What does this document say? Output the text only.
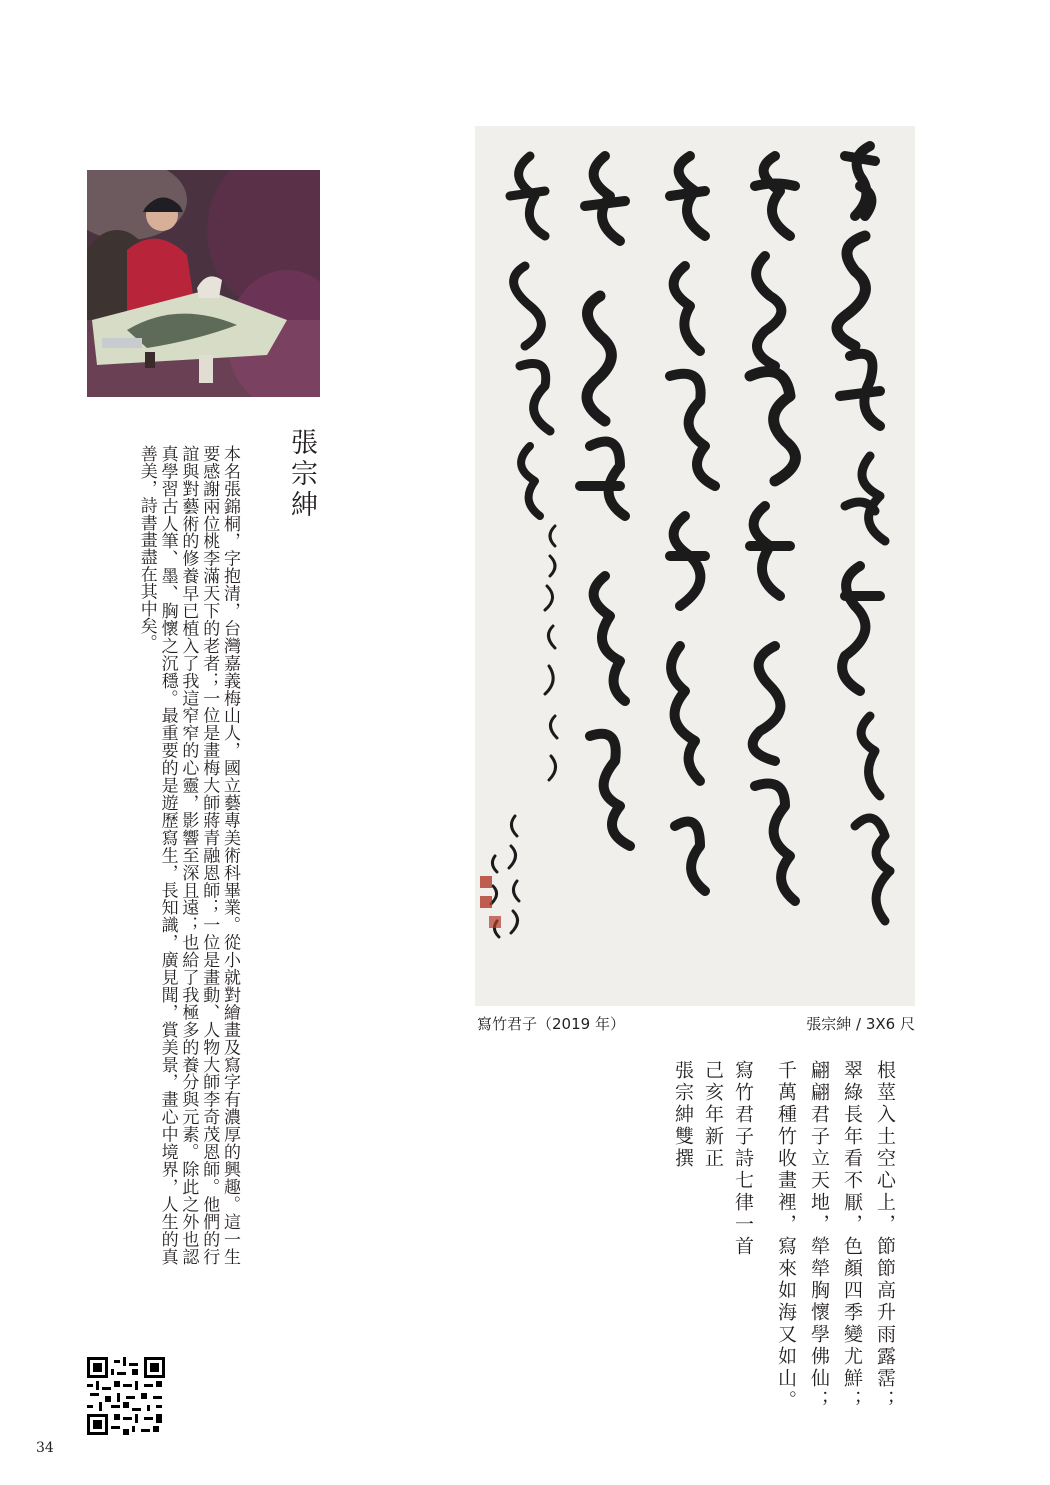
張宗紳
本名張錦桐，字抱清，台灣嘉義梅山人，國立藝專美術科畢業。從小就對繪畫及寫字有濃厚的興趣。這一生要感謝兩位桃李滿天下的老者；一位是畫梅大師蔣青融恩師；一位是畫動、人物大師李奇茂恩師。他們的行誼與對藝術的修養早已植入了我這窄窄的心靈，影響至深且遠；也給了我極多的養分與元素。除此之外也認真學習古人筆、墨、胸懷之沉穩。最重要的是遊歷寫生，長知識，廣見聞，賞美景，畫心中境界，人生的真善美，詩書畫盡在其中矣。
寫竹君子（2019 年）	張宗紳 / 3X6 尺

根莖入土空心上，節節高升雨露霑；

翠綠長年看不厭，色顏四季變尤鮮；

翩翩君子立天地，犖犖胸懷學佛仙；

千萬種竹收畫裡，寫來如海又如山。

寫竹君子詩七律一首

己亥年新正

張宗紳雙撰

34
